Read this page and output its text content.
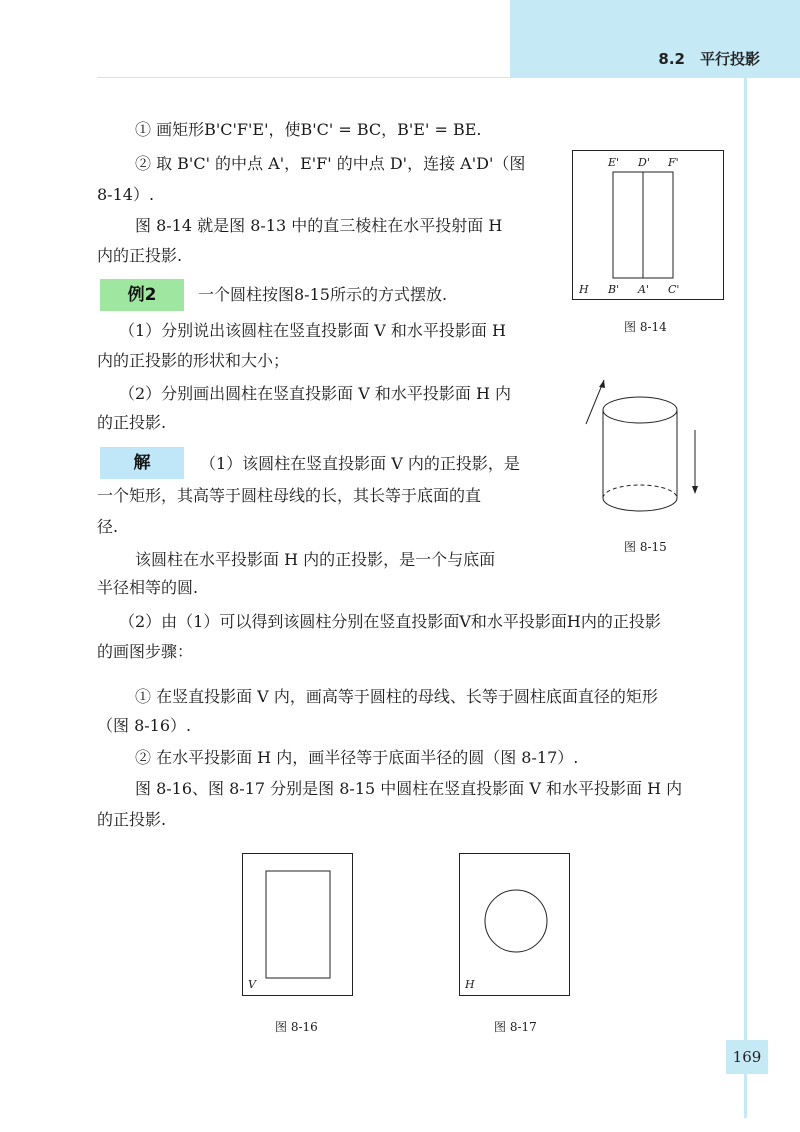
8.2　平行投影
① 画矩形B'C'F'E'，使B'C' = BC，B'E' = BE.
② 取 B'C' 的中点 A'，E'F' 的中点 D'，连接 A'D'（图
8-14）.
图 8-14 就是图 8-13 中的直三棱柱在水平投射面 H
内的正投影.
例2	一个圆柱按图8-15所示的方式摆放.
（1）分别说出该圆柱在竖直投影面 V 和水平投影面 H
内的正投影的形状和大小；
（2）分别画出圆柱在竖直投影面 V 和水平投影面 H 内
的正投影.
解	（1）该圆柱在竖直投影面 V 内的正投影，是
一个矩形，其高等于圆柱母线的长，其长等于底面的直
径.
该圆柱在水平投影面 H 内的正投影，是一个与底面
半径相等的圆.
（2）由（1）可以得到该圆柱分别在竖直投影面V和水平投影面H内的正投影
的画图步骤：
① 在竖直投影面 V 内，画高等于圆柱的母线、长等于圆柱底面直径的矩形
（图 8-16）.
② 在水平投影面 H 内，画半径等于底面半径的圆（图 8-17）.
图 8-16、图 8-17 分别是图 8-15 中圆柱在竖直投影面 V 和水平投影面 H 内
的正投影.
E' D' F'
H B' A' C'
图 8-14
图 8-15
V
图 8-16
H
图 8-17
169
